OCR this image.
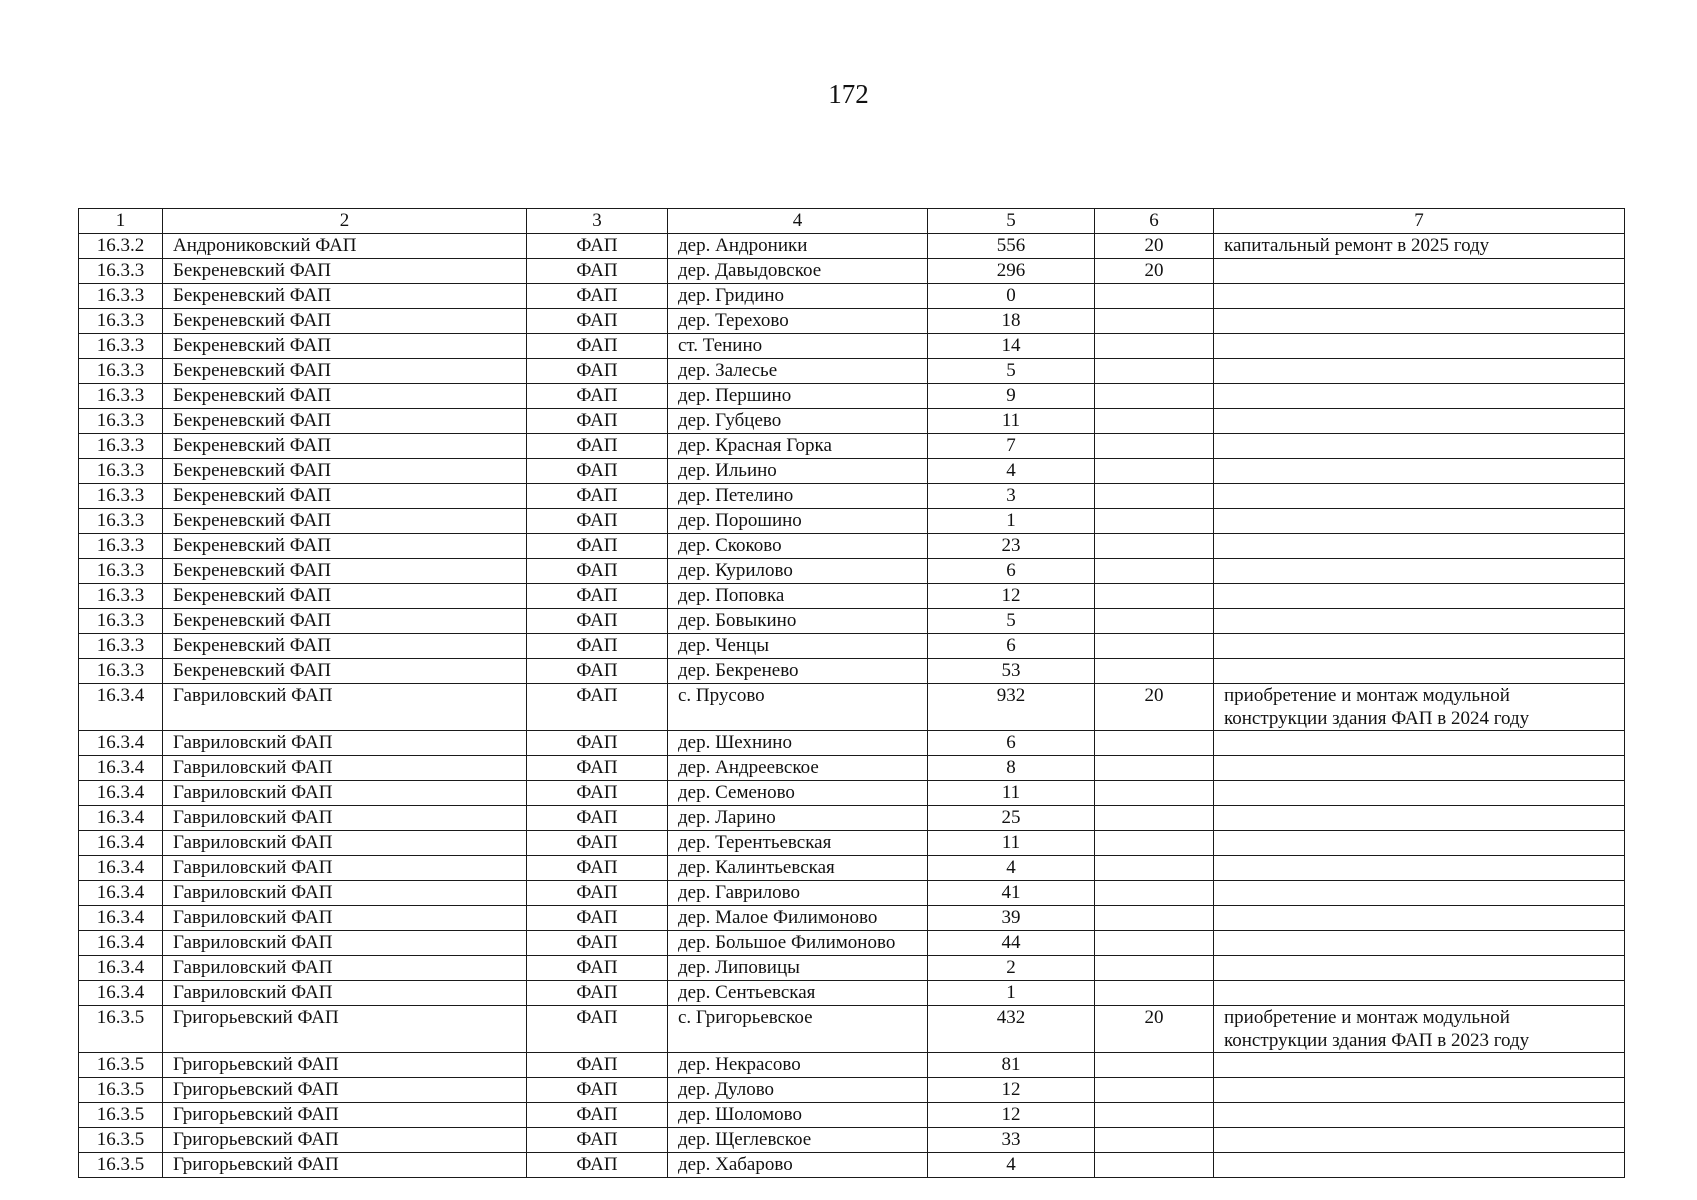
172
1	2	3	4	5	6	7
16.3.2	Андрониковский ФАП	ФАП	дер. Андроники	556	20	капитальный ремонт в 2025 году
16.3.3	Бекреневский ФАП	ФАП	дер. Давыдовское	296	20	
16.3.3	Бекреневский ФАП	ФАП	дер. Гридино	0		
16.3.3	Бекреневский ФАП	ФАП	дер. Терехово	18		
16.3.3	Бекреневский ФАП	ФАП	ст. Тенино	14		
16.3.3	Бекреневский ФАП	ФАП	дер. Залесье	5		
16.3.3	Бекреневский ФАП	ФАП	дер. Першино	9		
16.3.3	Бекреневский ФАП	ФАП	дер. Губцево	11		
16.3.3	Бекреневский ФАП	ФАП	дер. Красная Горка	7		
16.3.3	Бекреневский ФАП	ФАП	дер. Ильино	4		
16.3.3	Бекреневский ФАП	ФАП	дер. Петелино	3		
16.3.3	Бекреневский ФАП	ФАП	дер. Порошино	1		
16.3.3	Бекреневский ФАП	ФАП	дер. Скоково	23		
16.3.3	Бекреневский ФАП	ФАП	дер. Курилово	6		
16.3.3	Бекреневский ФАП	ФАП	дер. Поповка	12		
16.3.3	Бекреневский ФАП	ФАП	дер. Бовыкино	5		
16.3.3	Бекреневский ФАП	ФАП	дер. Ченцы	6		
16.3.3	Бекреневский ФАП	ФАП	дер. Бекренево	53		
16.3.4	Гавриловский ФАП	ФАП	с. Прусово	932	20	приобретение и монтаж модульной конструкции здания ФАП в 2024 году
16.3.4	Гавриловский ФАП	ФАП	дер. Шехнино	6		
16.3.4	Гавриловский ФАП	ФАП	дер. Андреевское	8		
16.3.4	Гавриловский ФАП	ФАП	дер. Семеново	11		
16.3.4	Гавриловский ФАП	ФАП	дер. Ларино	25		
16.3.4	Гавриловский ФАП	ФАП	дер. Терентьевская	11		
16.3.4	Гавриловский ФАП	ФАП	дер. Калинтьевская	4		
16.3.4	Гавриловский ФАП	ФАП	дер. Гаврилово	41		
16.3.4	Гавриловский ФАП	ФАП	дер. Малое Филимоново	39		
16.3.4	Гавриловский ФАП	ФАП	дер. Большое Филимоново	44		
16.3.4	Гавриловский ФАП	ФАП	дер. Липовицы	2		
16.3.4	Гавриловский ФАП	ФАП	дер. Сентьевская	1		
16.3.5	Григорьевский ФАП	ФАП	с. Григорьевское	432	20	приобретение и монтаж модульной конструкции здания ФАП в 2023 году
16.3.5	Григорьевский ФАП	ФАП	дер. Некрасово	81		
16.3.5	Григорьевский ФАП	ФАП	дер. Дулово	12		
16.3.5	Григорьевский ФАП	ФАП	дер. Шоломово	12		
16.3.5	Григорьевский ФАП	ФАП	дер. Щеглевское	33		
16.3.5	Григорьевский ФАП	ФАП	дер. Хабарово	4		
